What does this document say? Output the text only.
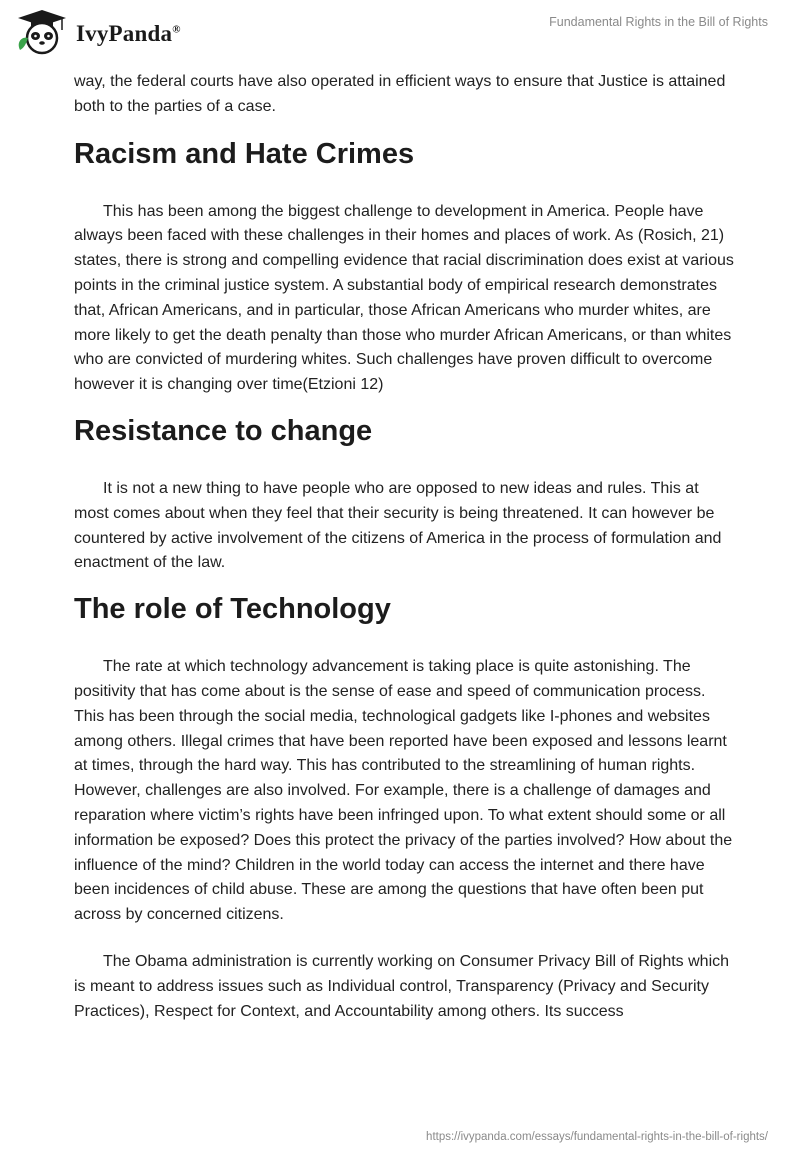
IvyPanda®
Fundamental Rights in the Bill of Rights

way, the federal courts have also operated in efficient ways to ensure that Justice is attained both to the parties of a case.

Racism and Hate Crimes

This has been among the biggest challenge to development in America. People have always been faced with these challenges in their homes and places of work. As (Rosich, 21) states, there is strong and compelling evidence that racial discrimination does exist at various points in the criminal justice system. A substantial body of empirical research demonstrates that, African Americans, and in particular, those African Americans who murder whites, are more likely to get the death penalty than those who murder African Americans, or than whites who are convicted of murdering whites. Such challenges have proven difficult to overcome however it is changing over time(Etzioni 12)

Resistance to change

It is not a new thing to have people who are opposed to new ideas and rules. This at most comes about when they feel that their security is being threatened. It can however be countered by active involvement of the citizens of America in the process of formulation and enactment of the law.

The role of Technology

The rate at which technology advancement is taking place is quite astonishing. The positivity that has come about is the sense of ease and speed of communication process. This has been through the social media, technological gadgets like I-phones and websites among others. Illegal crimes that have been reported have been exposed and lessons learnt at times, through the hard way. This has contributed to the streamlining of human rights. However, challenges are also involved. For example, there is a challenge of damages and reparation where victim’s rights have been infringed upon. To what extent should some or all information be exposed? Does this protect the privacy of the parties involved? How about the influence of the mind? Children in the world today can access the internet and there have been incidences of child abuse. These are among the questions that have often been put across by concerned citizens.

The Obama administration is currently working on Consumer Privacy Bill of Rights which is meant to address issues such as Individual control, Transparency (Privacy and Security Practices), Respect for Context, and Accountability among others. Its success

https://ivypanda.com/essays/fundamental-rights-in-the-bill-of-rights/
